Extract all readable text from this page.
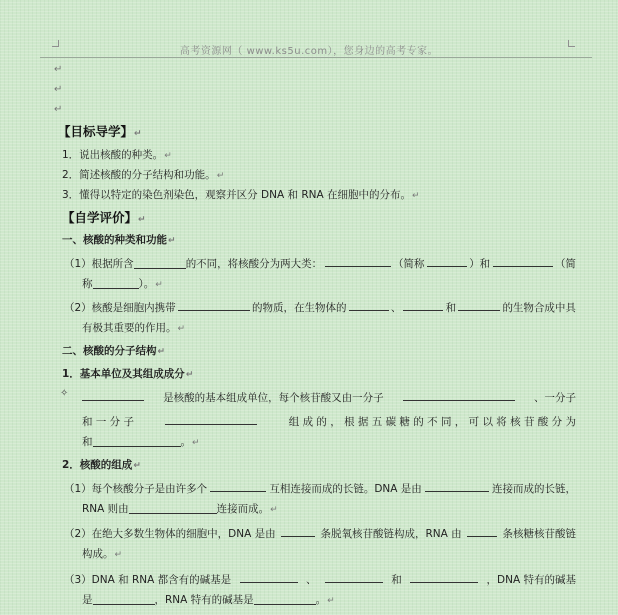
高考资源网（ www.ks5u.com），您身边的高考专家。
↵
↵
↵
【目标导学】↵
1．说出核酸的种类。↵
2．简述核酸的分子结构和功能。↵
3．懂得以特定的染色剂染色，观察并区分 DNA 和 RNA 在细胞中的分布。↵
【自学评价】↵
一、核酸的种类和功能↵
（1）根据所含	的不同，将核酸分为两大类：	（简称	）和	（简
称	）。↵
（2）核酸是细胞内携带	的物质，在生物体的	、	和	的生物合成中具
有极其重要的作用。↵
二、核酸的分子结构↵
1．基本单位及其组成成分↵
✧	是核酸的基本组成单位，每个核苷酸又由一分子	、一分子
和 一 分 子	组 成 的 ， 根 据 五 碳 糖 的 不 同 ， 可 以 将 核 苷 酸 分 为
和	。↵
2．核酸的组成↵
（1）每个核酸分子是由许多个	互相连接而成的长链。DNA 是由	连接而成的长链，
RNA 则由	连接而成。↵
（2）在绝大多数生物体的细胞中，DNA 是由	条脱氧核苷酸链构成，RNA 由	条核糖核苷酸链
构成。↵
（3）DNA 和 RNA 都含有的碱基是	、	和	，DNA 特有的碱基
是	，RNA 特有的碱基是	。↵
